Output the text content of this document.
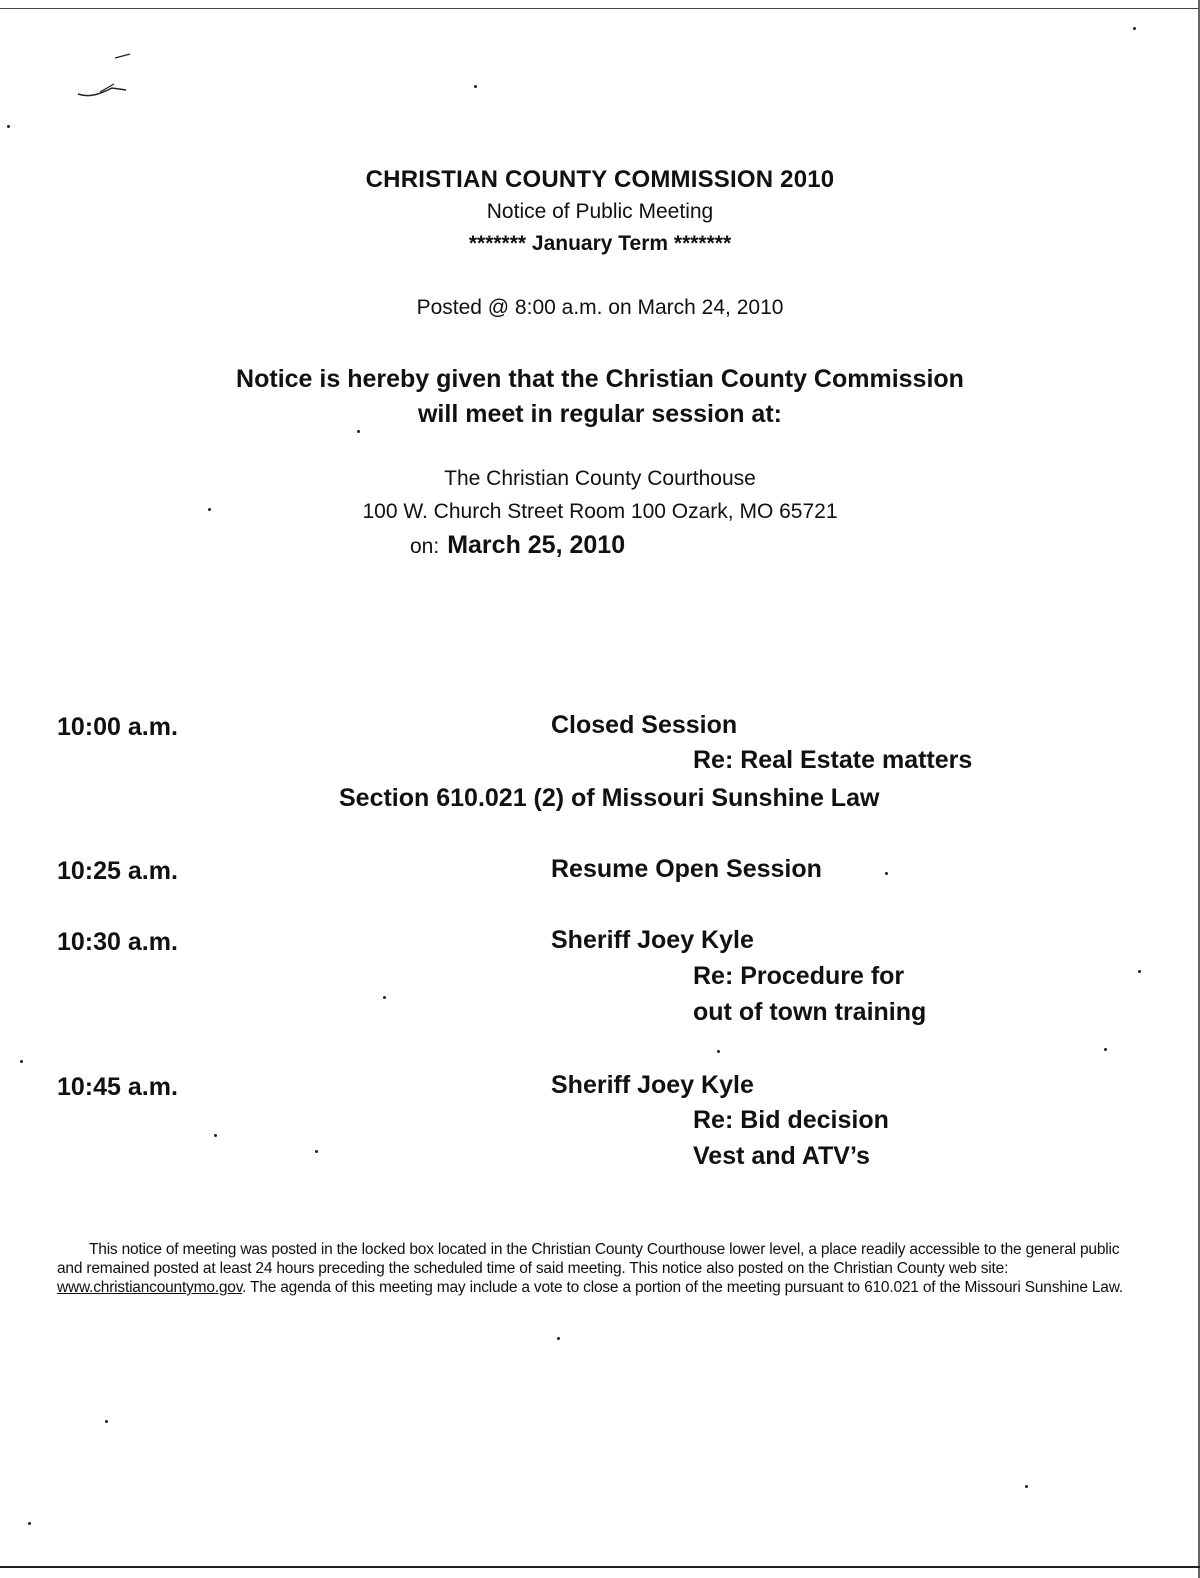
CHRISTIAN COUNTY COMMISSION 2010
Notice of Public Meeting
******* January Term *******
Posted @ 8:00 a.m. on March 24, 2010
Notice is hereby given that the Christian County Commission
will meet in regular session at:
The Christian County Courthouse
100 W. Church Street Room 100 Ozark, MO 65721
on: March 25, 2010
10:00 a.m.	Closed Session
Re: Real Estate matters
Section 610.021 (2) of Missouri Sunshine Law
10:25 a.m.	Resume Open Session
10:30 a.m.	Sheriff Joey Kyle
Re: Procedure for
out of town training
10:45 a.m.	Sheriff Joey Kyle
Re: Bid decision
Vest and ATV’s
This notice of meeting was posted in the locked box located in the Christian County Courthouse lower level, a place readily accessible to the general public and remained posted at least 24 hours preceding the scheduled time of said meeting. This notice also posted on the Christian County web site: www.christiancountymo.gov. The agenda of this meeting may include a vote to close a portion of the meeting pursuant to 610.021 of the Missouri Sunshine Law.
